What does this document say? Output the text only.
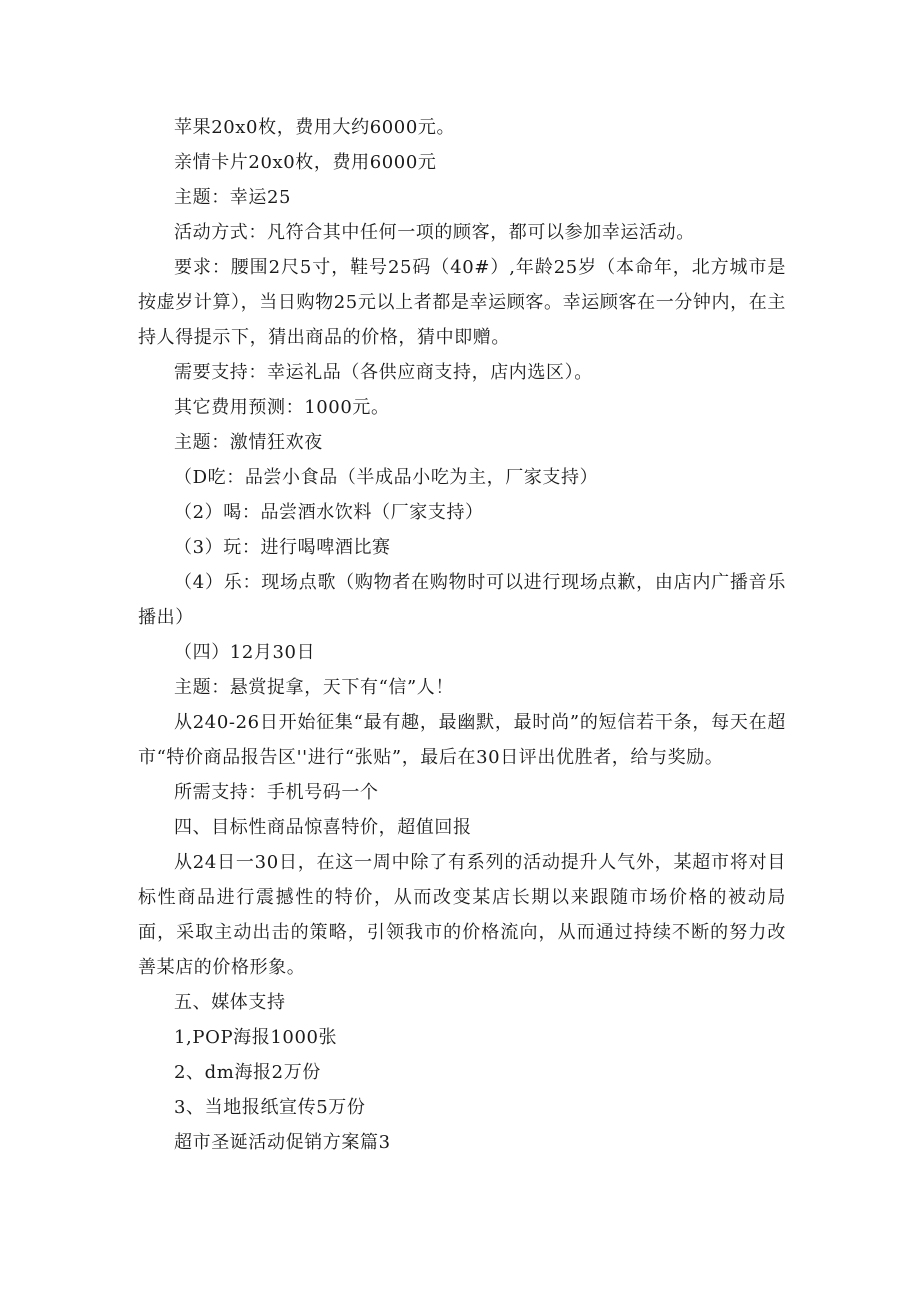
苹果20x0枚，费用大约6000元。

亲情卡片20x0枚，费用6000元

主题：幸运25

活动方式：凡符合其中任何一项的顾客，都可以参加幸运活动。

要求：腰围2尺5寸，鞋号25码（40#）,年龄25岁（本命年，北方城市是按虚岁计算），当日购物25元以上者都是幸运顾客。幸运顾客在一分钟内，在主持人得提示下，猜出商品的价格，猜中即赠。

需要支持：幸运礼品（各供应商支持，店内选区）。

其它费用预测：1000元。

主题：激情狂欢夜

（D吃：品尝小食品（半成品小吃为主，厂家支持）

（2）喝：品尝酒水饮料（厂家支持）

（3）玩：进行喝啤酒比赛

（4）乐：现场点歌（购物者在购物时可以进行现场点歉，由店内广播音乐播出）

（四）12月30日

主题：悬赏捉拿，天下有“信”人！

从240-26日开始征集“最有趣，最幽默，最时尚”的短信若干条，每天在超市“特价商品报告区''进行“张贴”，最后在30日评出优胜者，给与奖励。

所需支持：手机号码一个

四、目标性商品惊喜特价，超值回报

从24日一30日，在这一周中除了有系列的活动提升人气外，某超市将对目标性商品进行震撼性的特价，从而改变某店长期以来跟随市场价格的被动局面，采取主动出击的策略，引领我市的价格流向，从而通过持续不断的努力改善某店的价格形象。

五、媒体支持

1,POP海报1000张

2、dm海报2万份

3、当地报纸宣传5万份

超市圣诞活动促销方案篇3
